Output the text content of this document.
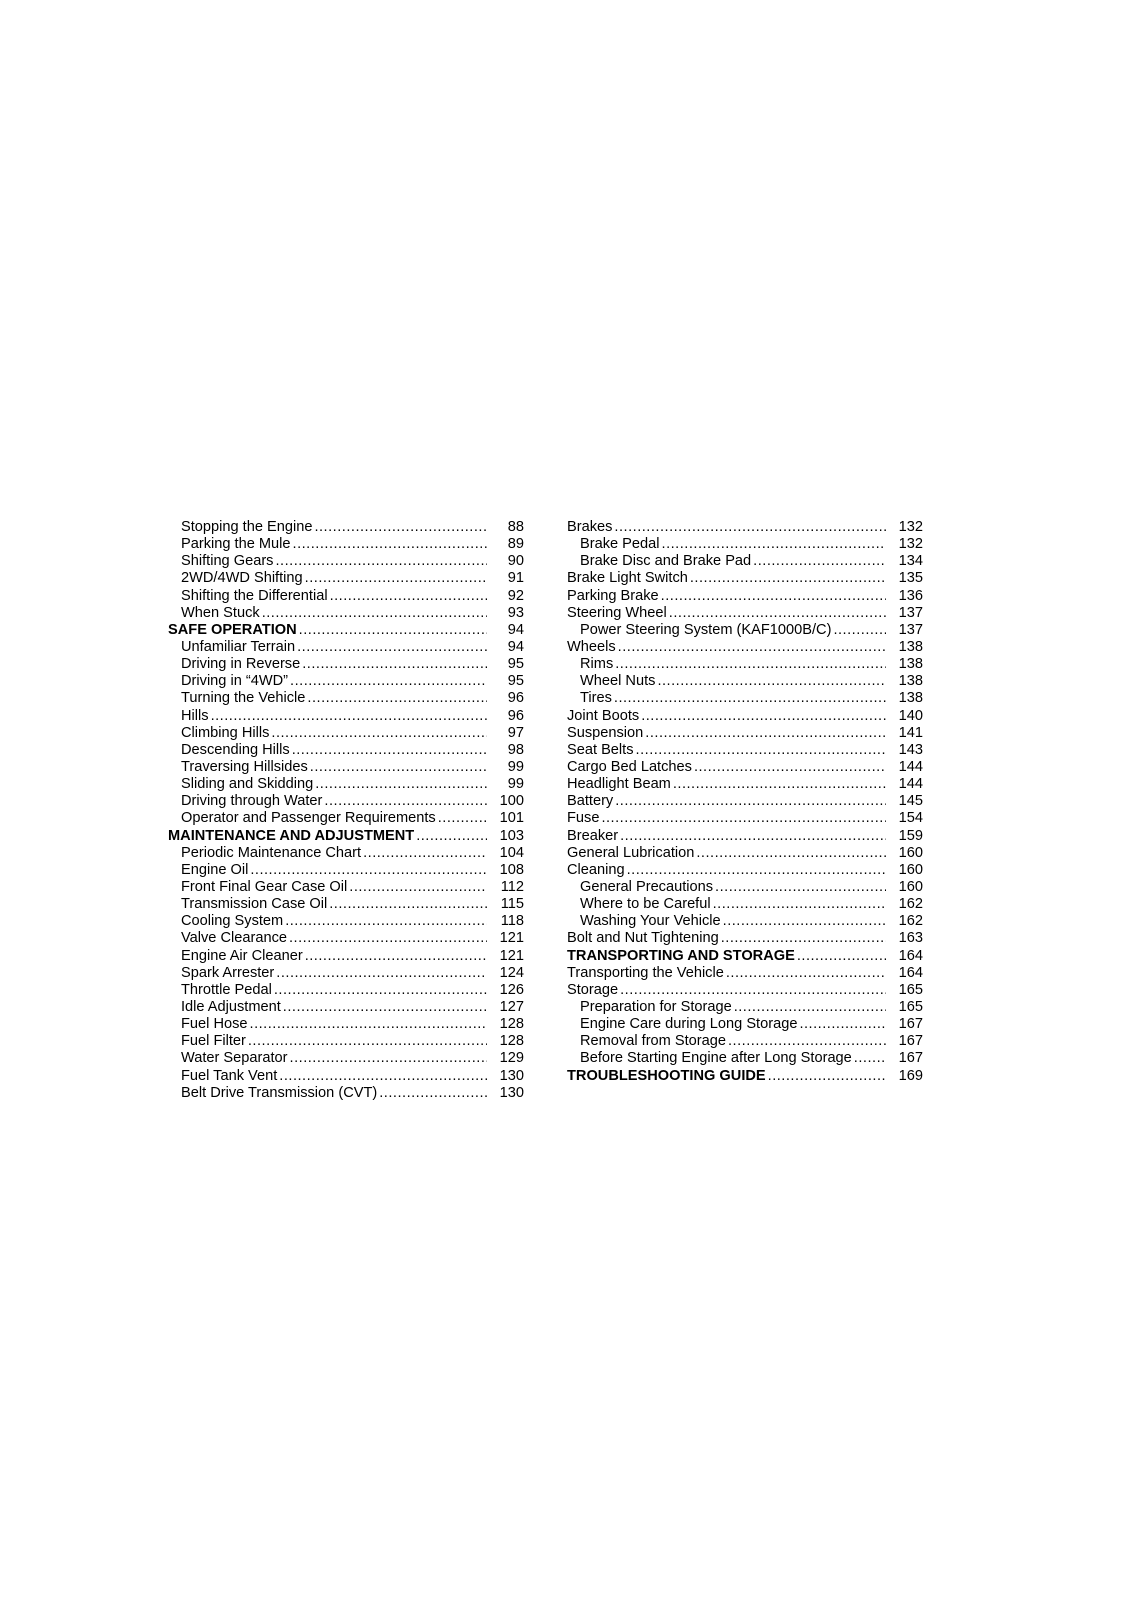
Stopping the Engine .....	88
Parking the Mule .....	89
Shifting Gears .....	90
2WD/4WD Shifting .....	91
Shifting the Differential .....	92
When Stuck .....	93
SAFE OPERATION .....	94
Unfamiliar Terrain .....	94
Driving in Reverse .....	95
Driving in “4WD” .....	95
Turning the Vehicle .....	96
Hills .....	96
Climbing Hills .....	97
Descending Hills .....	98
Traversing Hillsides .....	99
Sliding and Skidding .....	99
Driving through Water .....	100
Operator and Passenger Requirements .....	101
MAINTENANCE AND ADJUSTMENT .....	103
Periodic Maintenance Chart .....	104
Engine Oil .....	108
Front Final Gear Case Oil .....	112
Transmission Case Oil .....	115
Cooling System .....	118
Valve Clearance .....	121
Engine Air Cleaner .....	121
Spark Arrester .....	124
Throttle Pedal .....	126
Idle Adjustment .....	127
Fuel Hose .....	128
Fuel Filter .....	128
Water Separator .....	129
Fuel Tank Vent .....	130
Belt Drive Transmission (CVT) .....	130
Brakes .....	132
Brake Pedal .....	132
Brake Disc and Brake Pad .....	134
Brake Light Switch .....	135
Parking Brake .....	136
Steering Wheel .....	137
Power Steering System (KAF1000B/C) .....	137
Wheels .....	138
Rims .....	138
Wheel Nuts .....	138
Tires .....	138
Joint Boots .....	140
Suspension .....	141
Seat Belts .....	143
Cargo Bed Latches .....	144
Headlight Beam .....	144
Battery .....	145
Fuse .....	154
Breaker .....	159
General Lubrication .....	160
Cleaning .....	160
General Precautions .....	160
Where to be Careful .....	162
Washing Your Vehicle .....	162
Bolt and Nut Tightening .....	163
TRANSPORTING AND STORAGE .....	164
Transporting the Vehicle .....	164
Storage .....	165
Preparation for Storage .....	165
Engine Care during Long Storage .....	167
Removal from Storage .....	167
Before Starting Engine after Long Storage .....	167
TROUBLESHOOTING GUIDE .....	169
